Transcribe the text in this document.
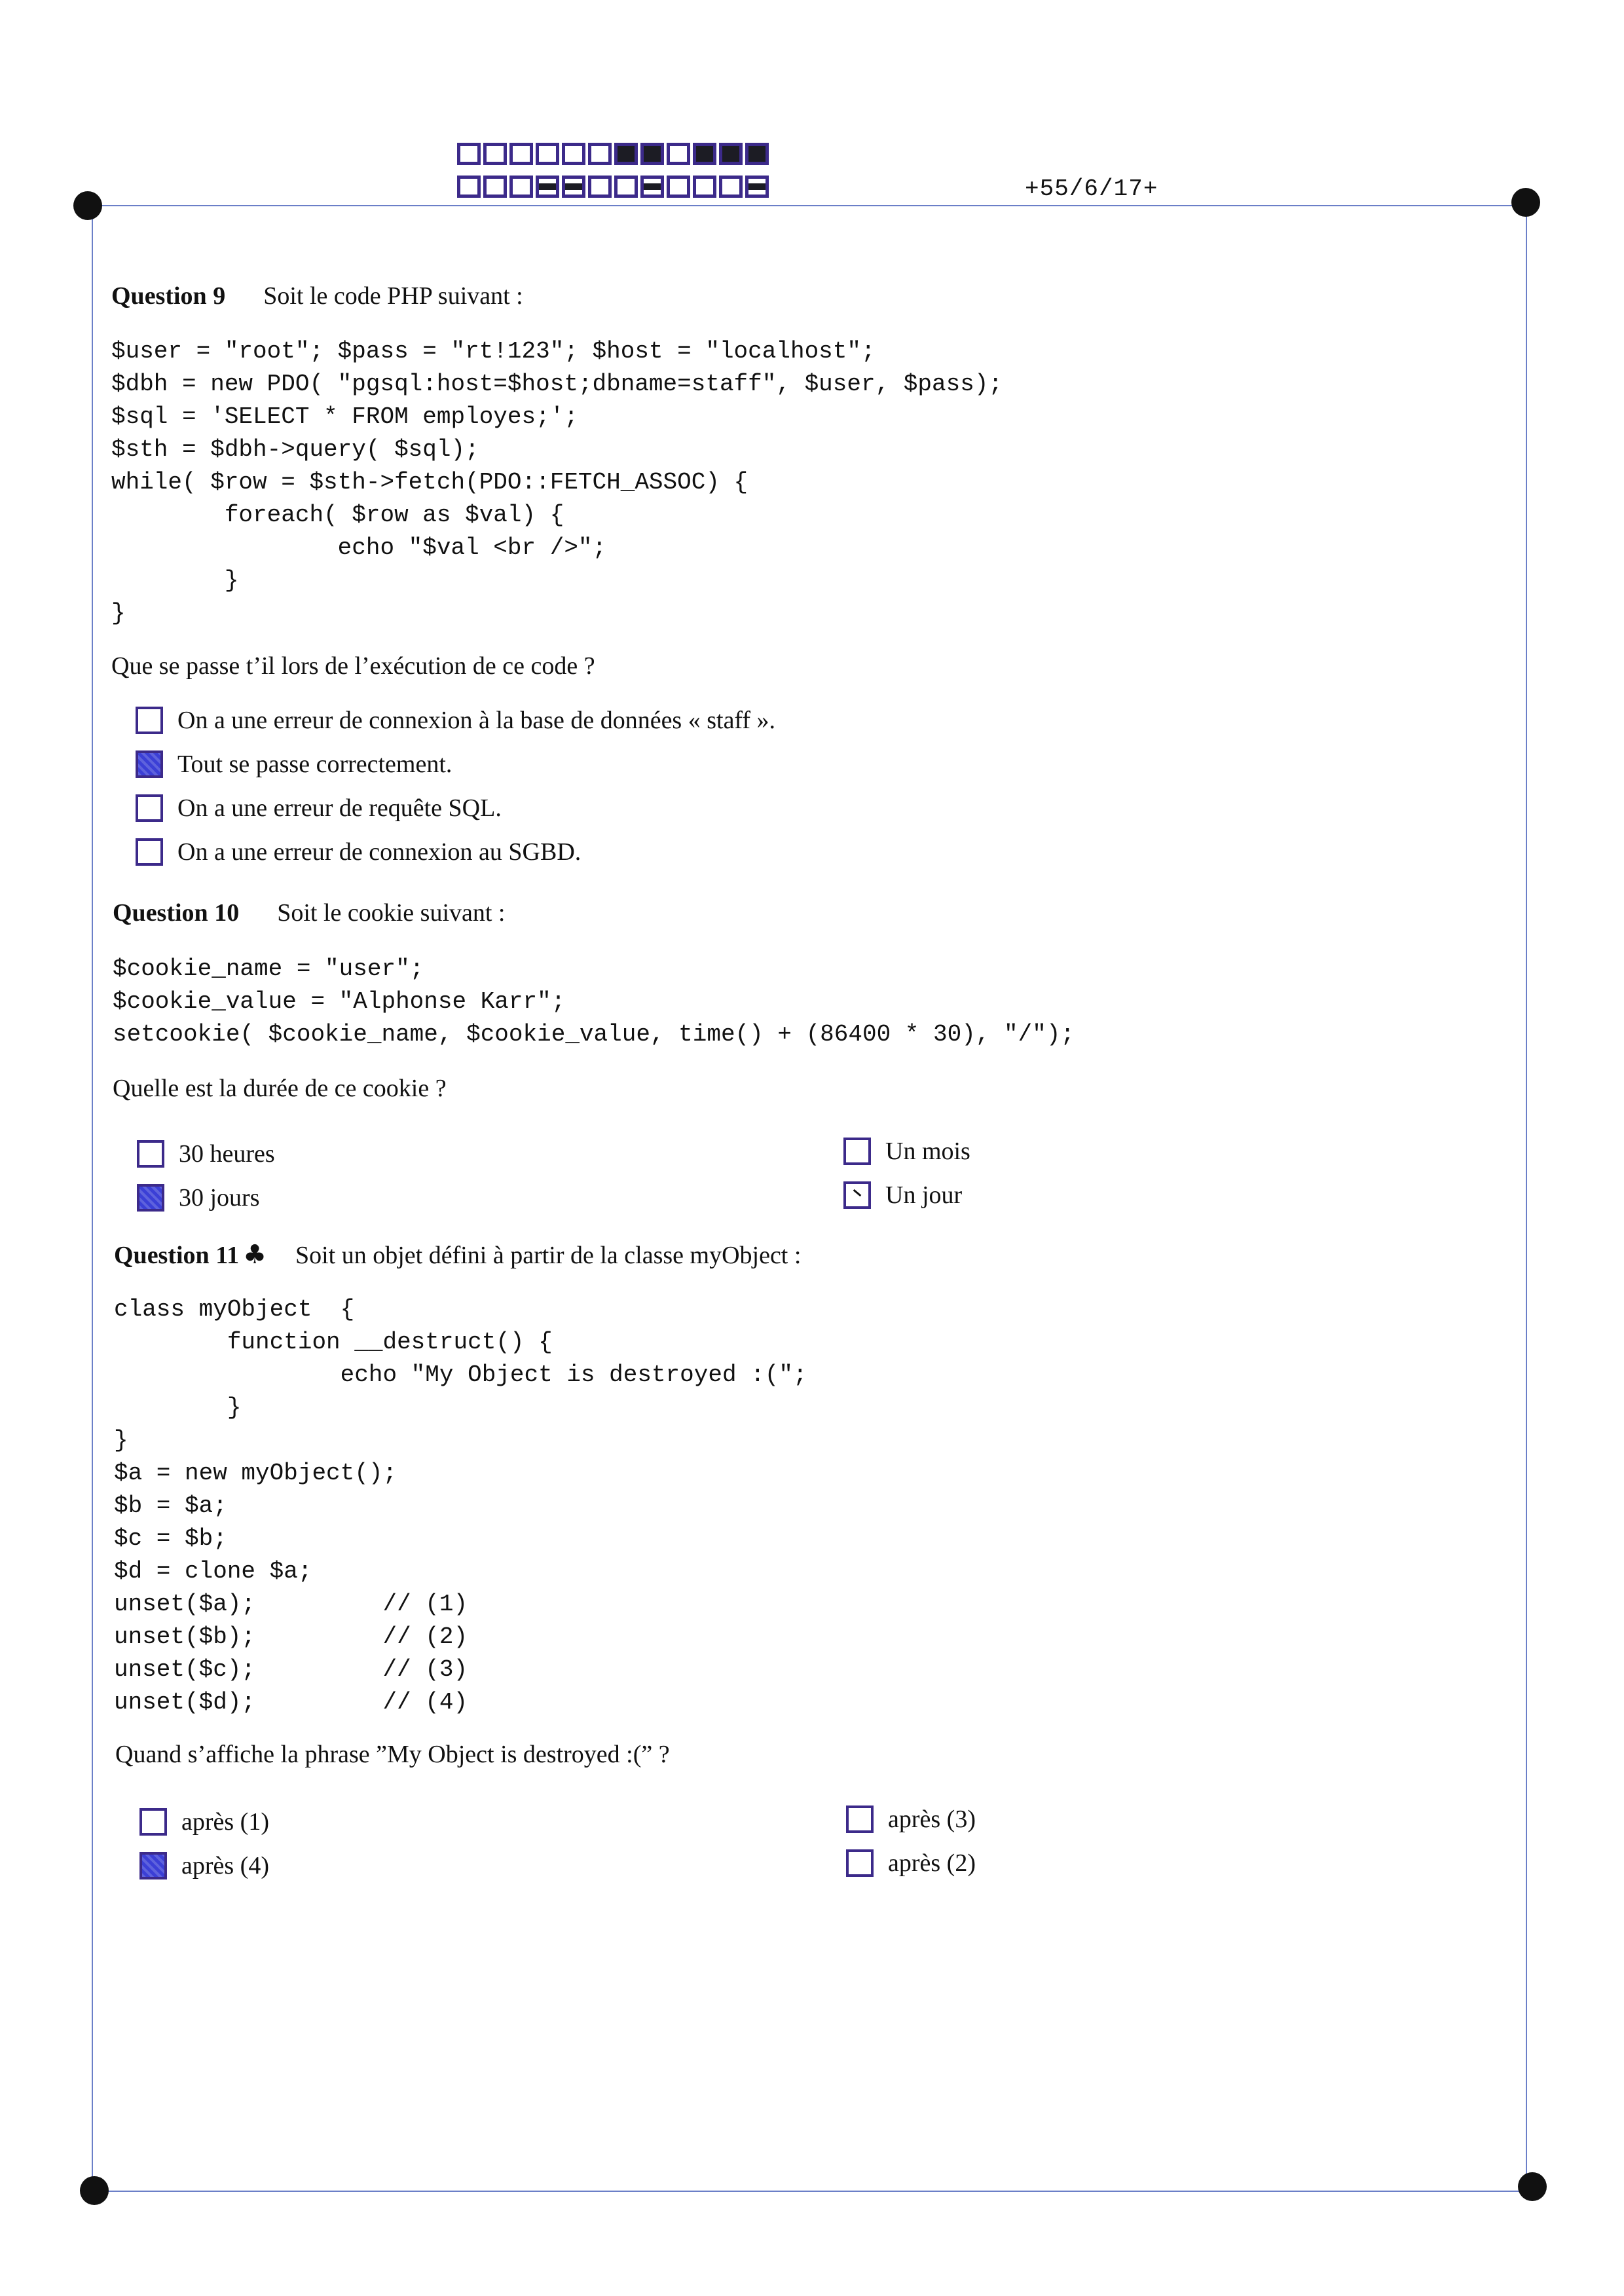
+55/6/17+
Question 9 Soit le code PHP suivant :
$user = "root"; $pass = "rt!123"; $host = "localhost";
$dbh = new PDO( "pgsql:host=$host;dbname=staff", $user, $pass);
$sql = 'SELECT * FROM employes;';
$sth = $dbh->query( $sql);
while( $row = $sth->fetch(PDO::FETCH_ASSOC) {
foreach( $row as $val) {
echo "$val <br />";
}
}
Que se passe t’il lors de l’exécution de ce code ?
On a une erreur de connexion à la base de données « staff ».
Tout se passe correctement.
On a une erreur de requête SQL.
On a une erreur de connexion au SGBD.
Question 10 Soit le cookie suivant :
$cookie_name = "user";
$cookie_value = "Alphonse Karr";
setcookie( $cookie_name, $cookie_value, time() + (86400 * 30), "/");
Quelle est la durée de ce cookie ?
30 heures
30 jours
Un mois
Un jour
Question 11 ♣ Soit un objet défini à partir de la classe myObject :
class myObject  {
function __destruct() {
echo "My Object is destroyed :(";
}
}
$a = new myObject();
$b = $a;
$c = $b;
$d = clone $a;
unset($a);         // (1)
unset($b);         // (2)
unset($c);         // (3)
unset($d);         // (4)
Quand s’affiche la phrase ”My Object is destroyed :(” ?
après (1)
après (4)
après (3)
après (2)
